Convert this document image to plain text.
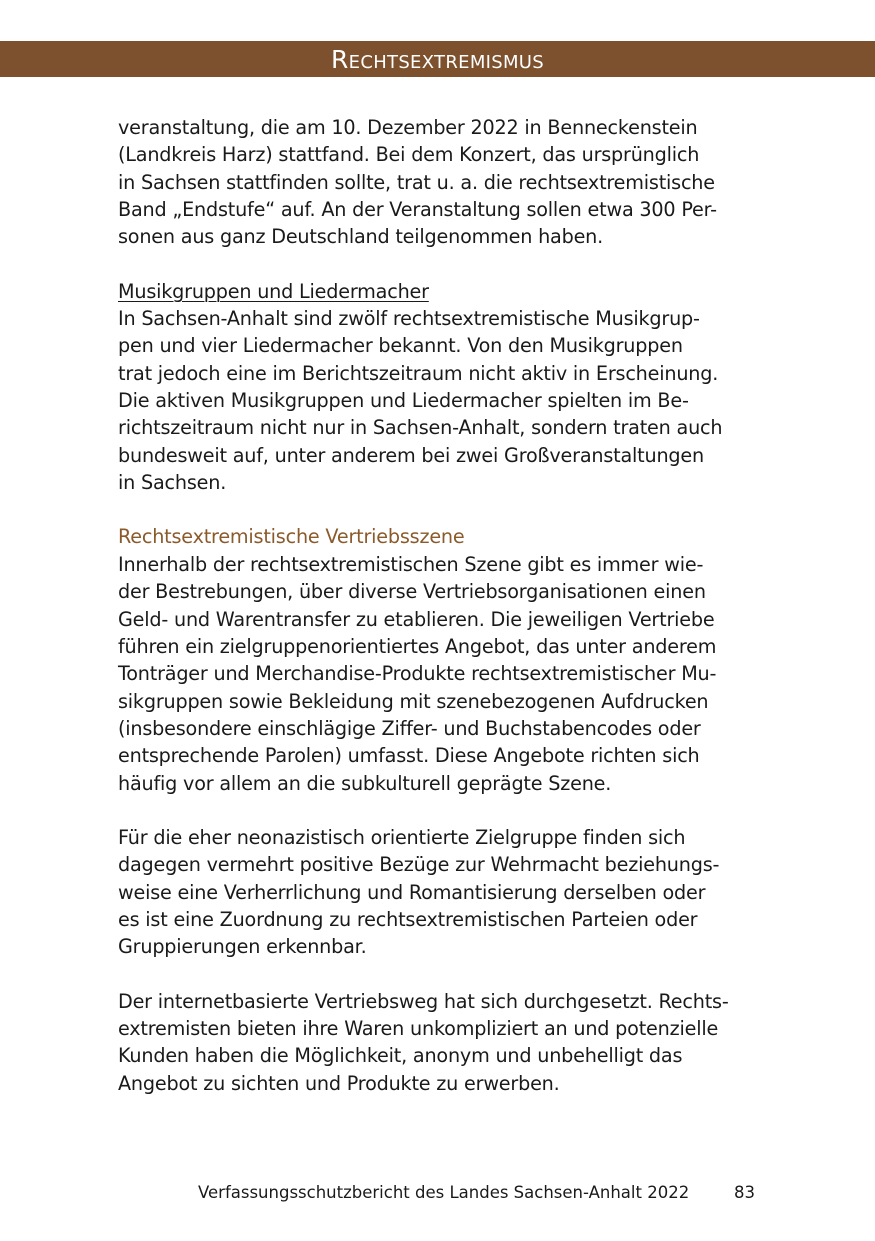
Rechtsextremismus

veranstaltung, die am 10. Dezember 2022 in Benneckenstein
(Landkreis Harz) stattfand. Bei dem Konzert, das ursprünglich
in Sachsen stattfinden sollte, trat u. a. die rechtsextremistische
Band „Endstufe“ auf. An der Veranstaltung sollen etwa 300 Per-
sonen aus ganz Deutschland teilgenommen haben.

Musikgruppen und Liedermacher

In Sachsen-Anhalt sind zwölf rechtsextremistische Musikgrup-
pen und vier Liedermacher bekannt. Von den Musikgruppen
trat jedoch eine im Berichtszeitraum nicht aktiv in Erscheinung.
Die aktiven Musikgruppen und Liedermacher spielten im Be-
richtszeitraum nicht nur in Sachsen-Anhalt, sondern traten auch
bundesweit auf, unter anderem bei zwei Großveranstaltungen
in Sachsen.

Rechtsextremistische Vertriebsszene

Innerhalb der rechtsextremistischen Szene gibt es immer wie-
der Bestrebungen, über diverse Vertriebsorganisationen einen
Geld- und Warentransfer zu etablieren. Die jeweiligen Vertriebe
führen ein zielgruppenorientiertes Angebot, das unter anderem
Tonträger und Merchandise-Produkte rechtsextremistischer Mu-
sikgruppen sowie Bekleidung mit szenebezogenen Aufdrucken
(insbesondere einschlägige Ziffer- und Buchstabencodes oder
entsprechende Parolen) umfasst. Diese Angebote richten sich
häufig vor allem an die subkulturell geprägte Szene.

Für die eher neonazistisch orientierte Zielgruppe finden sich
dagegen vermehrt positive Bezüge zur Wehrmacht beziehungs-
weise eine Verherrlichung und Romantisierung derselben oder
es ist eine Zuordnung zu rechtsextremistischen Parteien oder
Gruppierungen erkennbar.

Der internetbasierte Vertriebsweg hat sich durchgesetzt. Rechts-
extremisten bieten ihre Waren unkompliziert an und potenzielle
Kunden haben die Möglichkeit, anonym und unbehelligt das
Angebot zu sichten und Produkte zu erwerben.

Verfassungsschutzbericht des Landes Sachsen-Anhalt 2022	83
